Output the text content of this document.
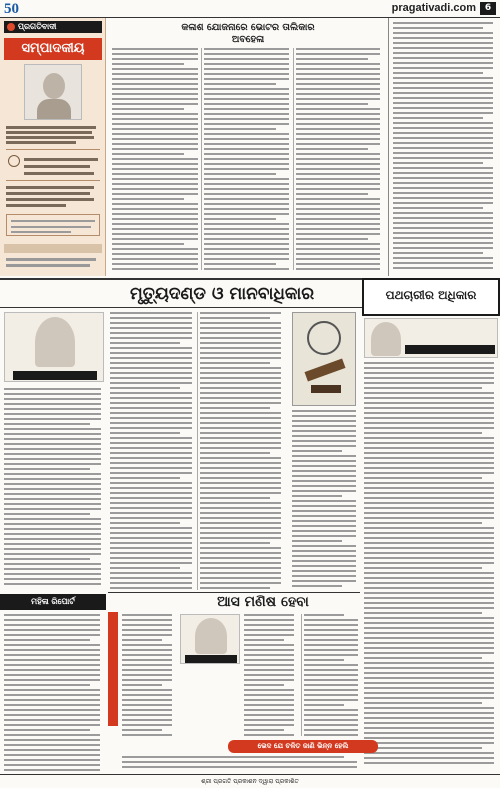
50	pragativadi.com 6
ପ୍ରଗତିବାଦୀ
ସମ୍ପାଦକୀୟ
କଳାଶ ଯୋଜନାରେ ଭୋଟର ତାଲିକାର ଅବହେଳା
ମୃତ୍ୟୁଦଣ୍ଡ ଓ ମାନବାଧିକାର	ପଥଚାରୀର ଅଧିକାର
ମହିଳା ରିପୋର୍ଟ	ଆସ ମଣିଷ ହେବା
ଭେଦ ଯେ ଚଳିତ ଜାଣି ଭିନ୍ନ ହେଲି
ଶ୍ରୀ ପ୍ରଗତି ପ୍ରକାଶନ ଦ୍ୱାରା ପ୍ରକାଶିତ
